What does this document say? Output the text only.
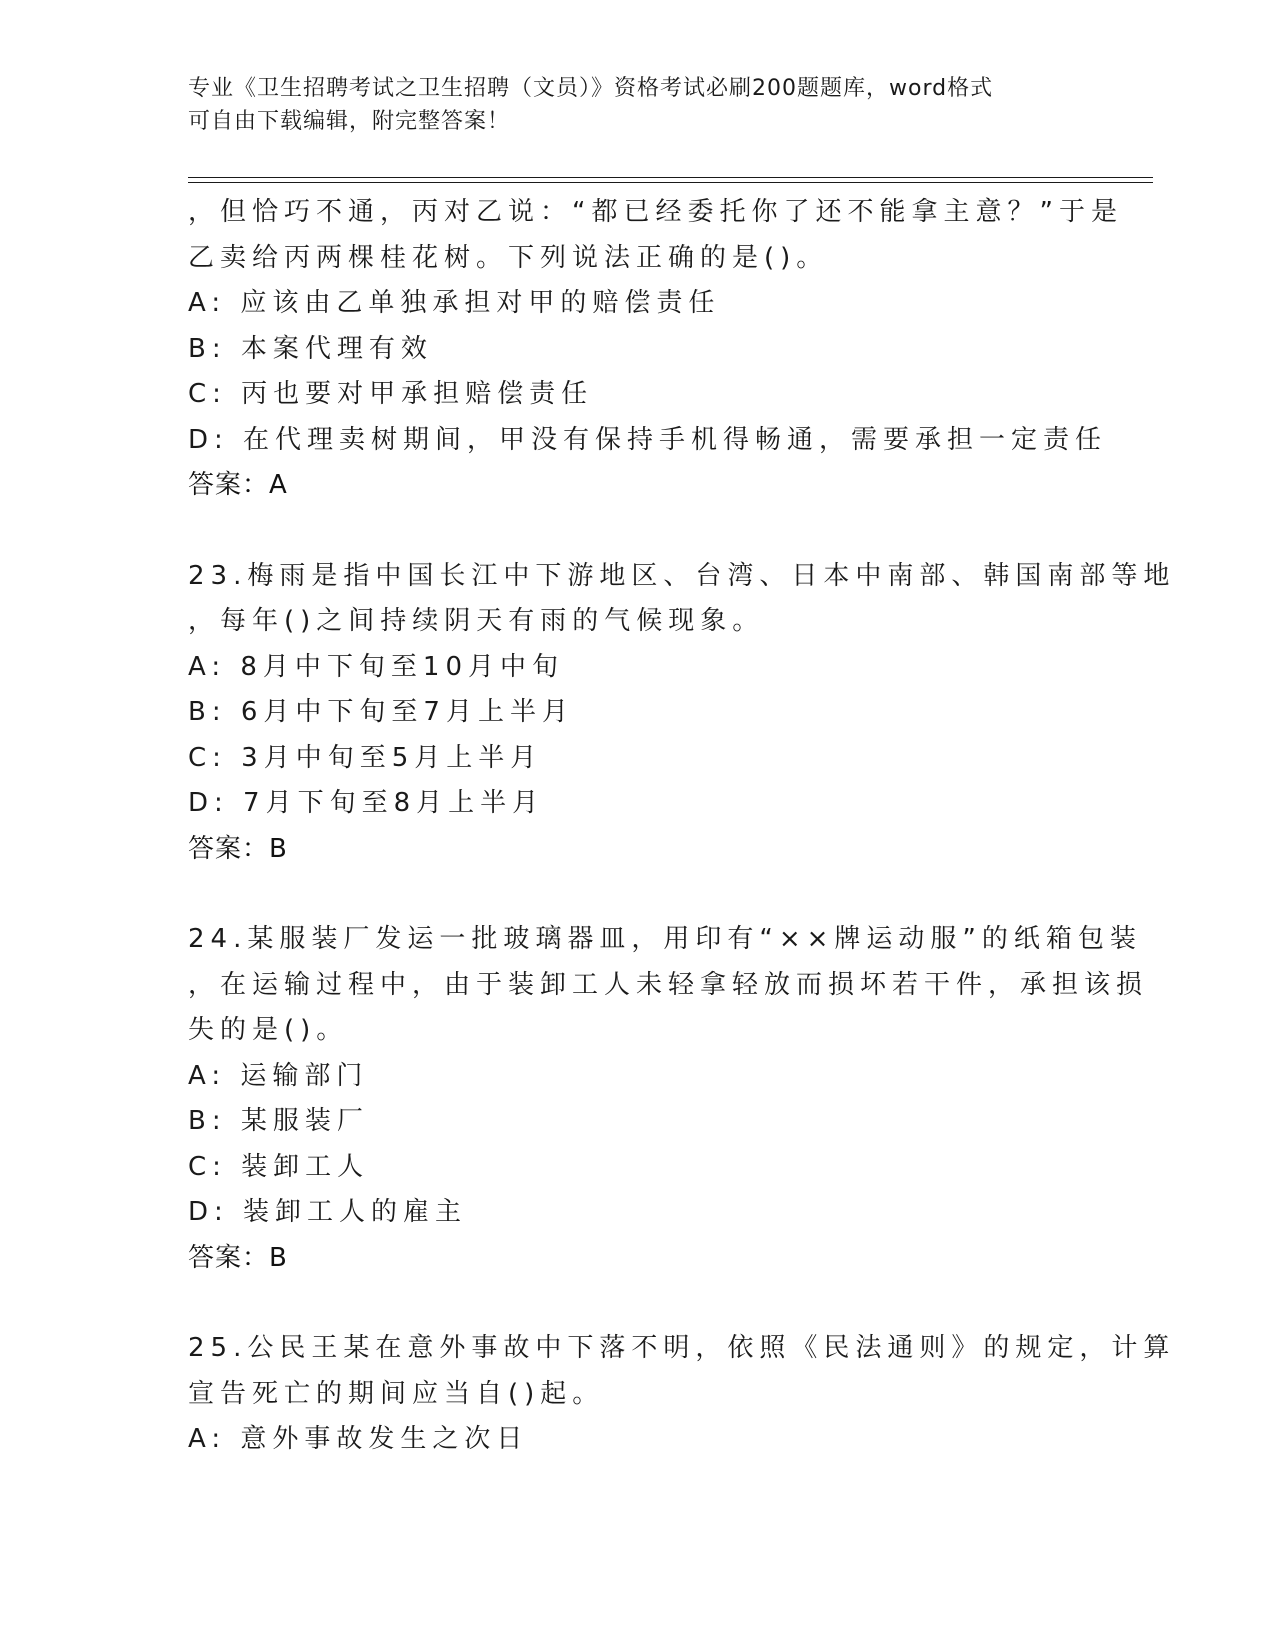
专业《卫生招聘考试之卫生招聘（文员）》资格考试必刷200题题库，word格式
可自由下载编辑，附完整答案！
，但恰巧不通，丙对乙说：“都已经委托你了还不能拿主意？”于是
乙卖给丙两棵桂花树。下列说法正确的是()。
A: 应该由乙单独承担对甲的赔偿责任
B: 本案代理有效
C: 丙也要对甲承担赔偿责任
D: 在代理卖树期间，甲没有保持手机得畅通，需要承担一定责任
答案：A
23.梅雨是指中国长江中下游地区、台湾、日本中南部、韩国南部等地
，每年()之间持续阴天有雨的气候现象。
A: 8月中下旬至10月中旬
B: 6月中下旬至7月上半月
C: 3月中旬至5月上半月
D: 7月下旬至8月上半月
答案：B
24.某服装厂发运一批玻璃器皿，用印有“××牌运动服”的纸箱包装
，在运输过程中，由于装卸工人未轻拿轻放而损坏若干件，承担该损
失的是()。
A: 运输部门
B: 某服装厂
C: 装卸工人
D: 装卸工人的雇主
答案：B
25.公民王某在意外事故中下落不明，依照《民法通则》的规定，计算
宣告死亡的期间应当自()起。
A: 意外事故发生之次日
